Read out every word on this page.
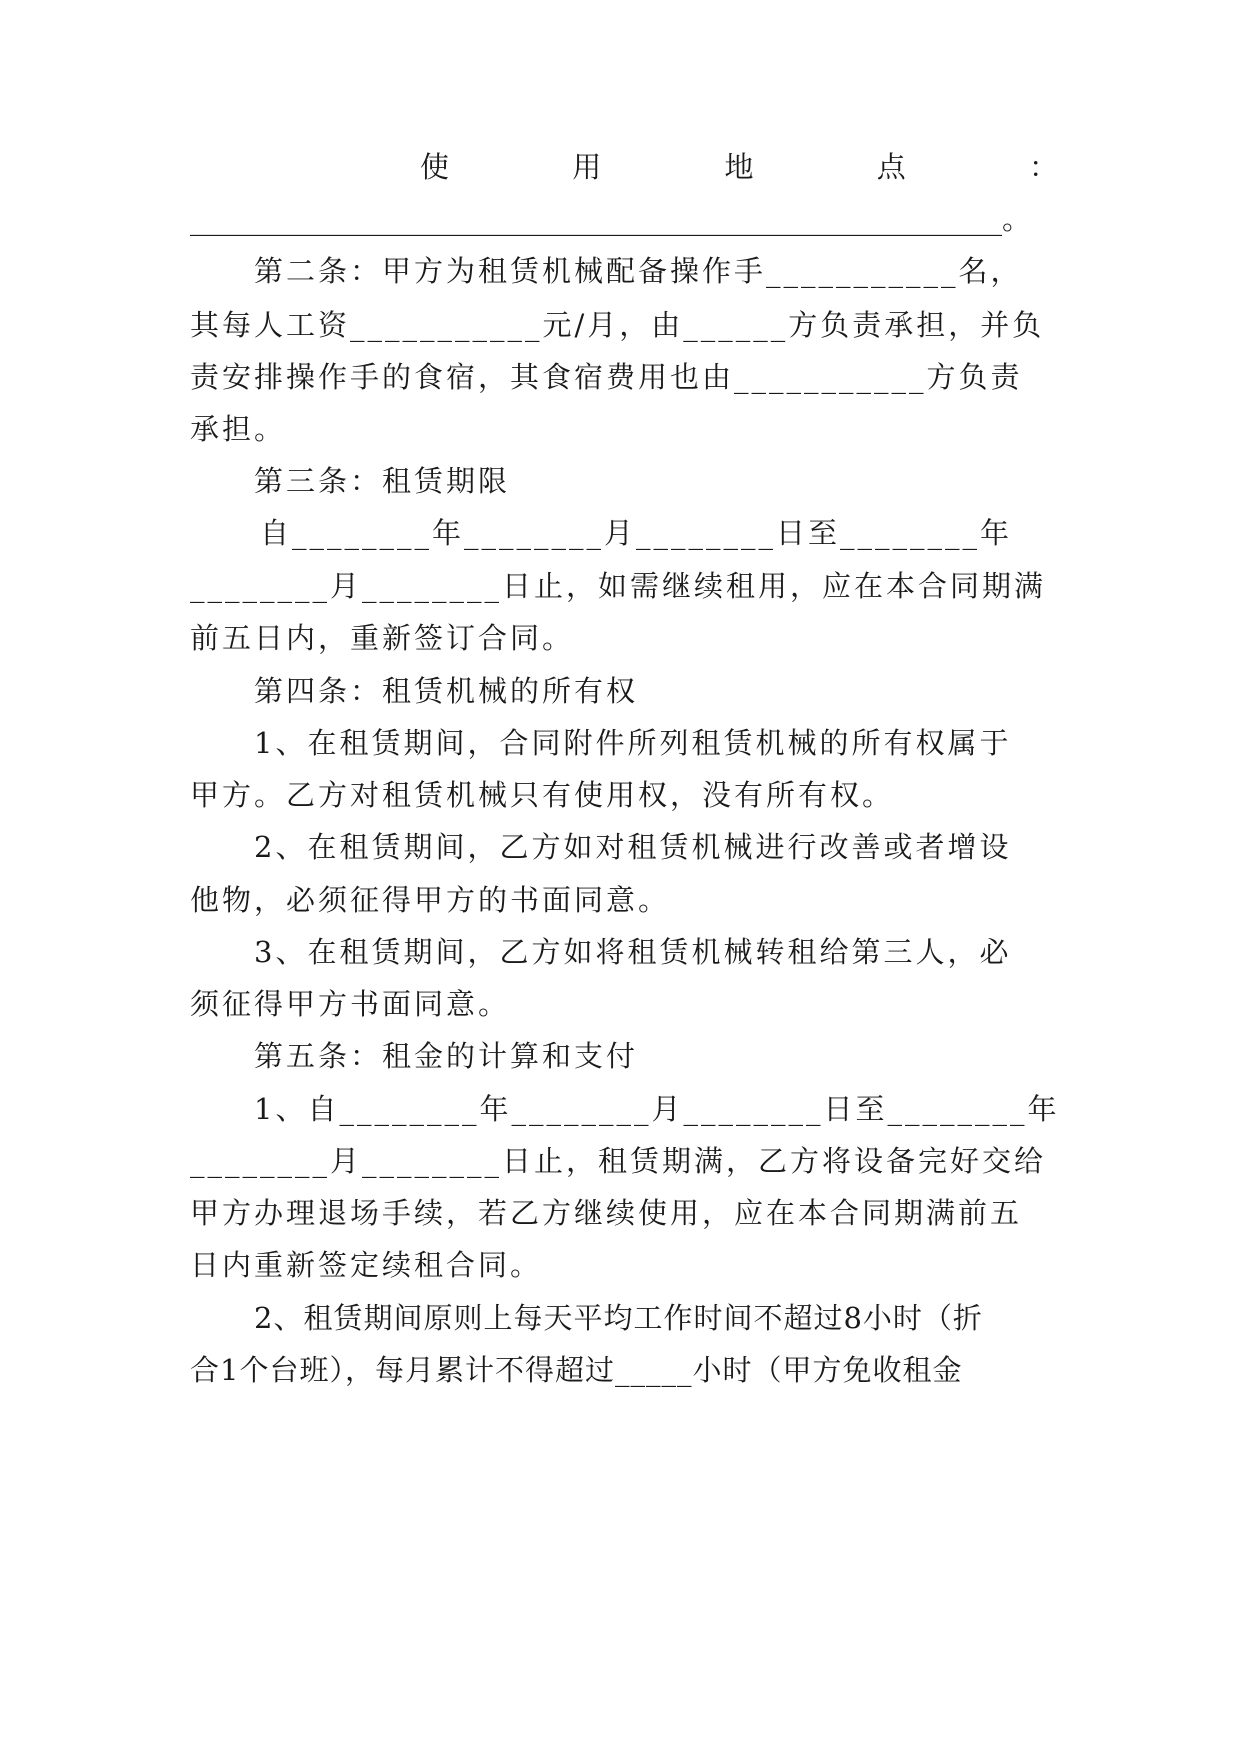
使	用	地	点	：
________________________________________________________。
第二条：甲方为租赁机械配备操作手___________名，
其每人工资___________元/月，由______方负责承担，并负
责安排操作手的食宿，其食宿费用也由___________方负责
承担。
第三条：租赁期限
自________年________月________日至________年
________月________日止，如需继续租用，应在本合同期满
前五日内，重新签订合同。
第四条：租赁机械的所有权
1、在租赁期间，合同附件所列租赁机械的所有权属于
甲方。乙方对租赁机械只有使用权，没有所有权。
2、在租赁期间，乙方如对租赁机械进行改善或者增设
他物，必须征得甲方的书面同意。
3、在租赁期间，乙方如将租赁机械转租给第三人，必
须征得甲方书面同意。
第五条：租金的计算和支付
1、自________年________月________日至________年
________月________日止，租赁期满，乙方将设备完好交给
甲方办理退场手续，若乙方继续使用，应在本合同期满前五
日内重新签定续租合同。
2、租赁期间原则上每天平均工作时间不超过8小时（折
合1个台班），每月累计不得超过_____小时（甲方免收租金
